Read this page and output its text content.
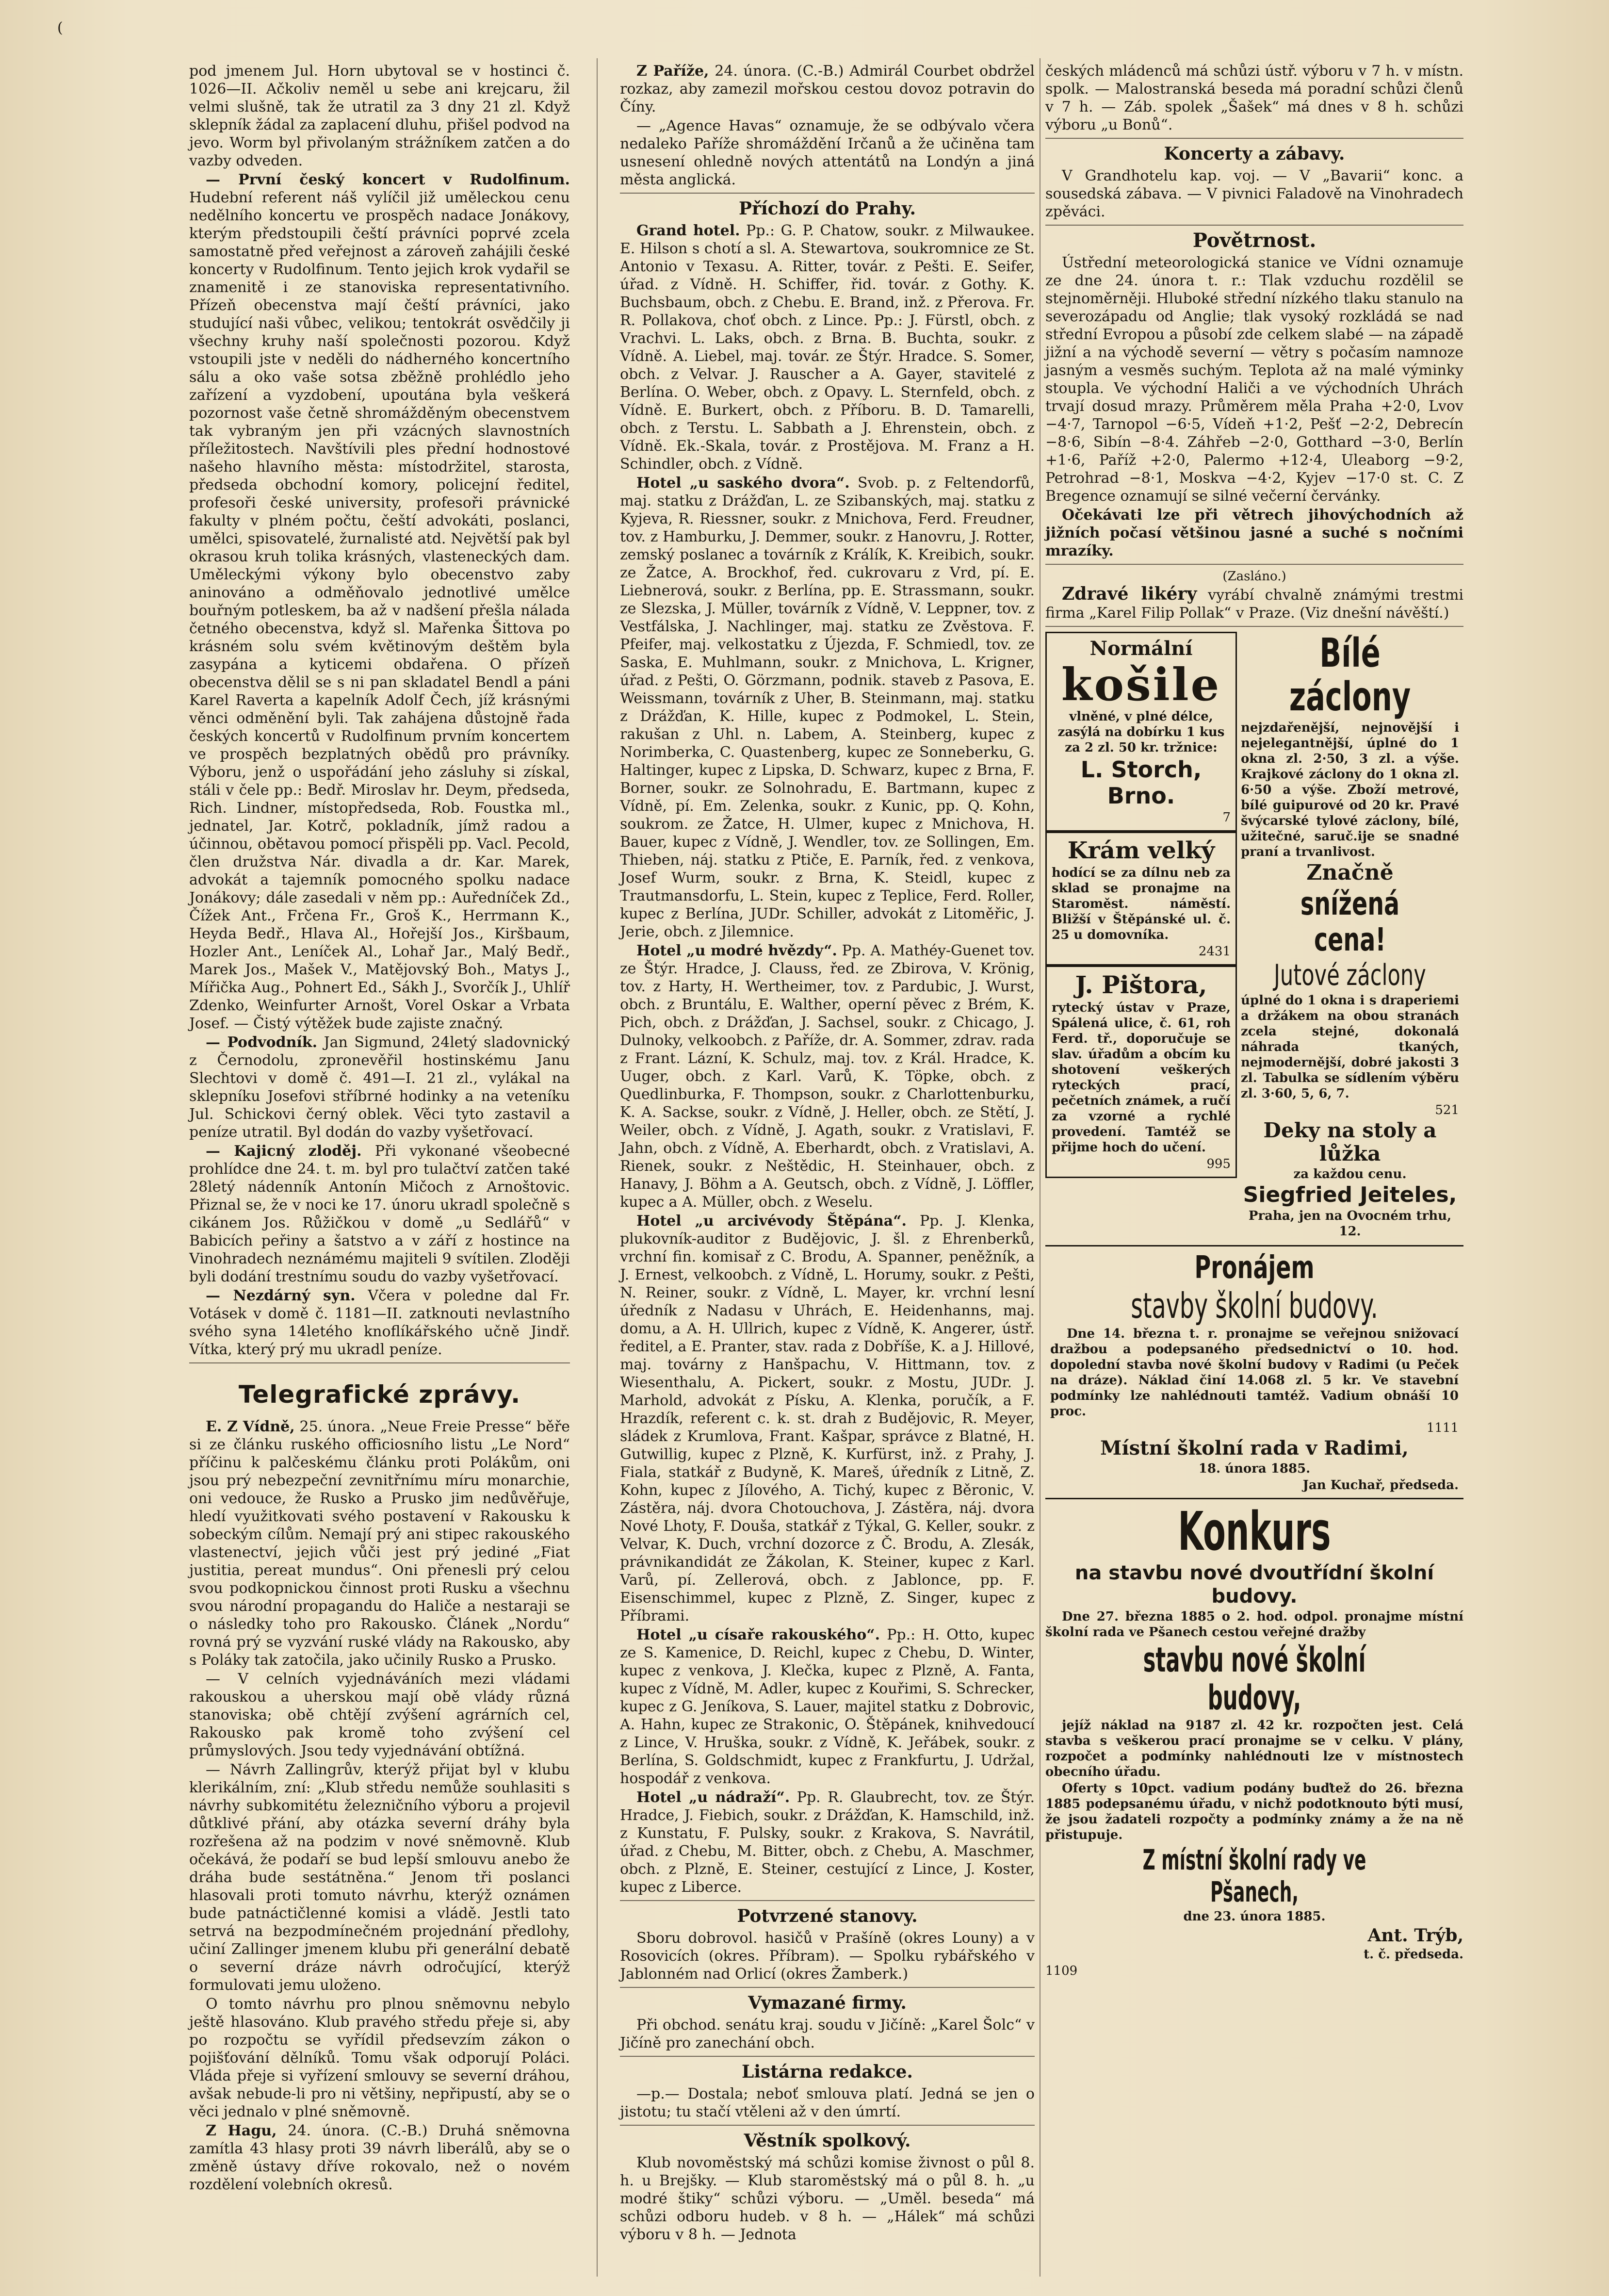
(

pod jmenem Jul. Horn ubytoval se v hostinci č. 1026—II. Ačkoliv neměl u sebe ani krejcaru, žil velmi slušně, tak že utratil za 3 dny 21 zl. Když sklepník žádal za zaplacení dluhu, přišel podvod na jevo. Worm byl přivolaným strážníkem zatčen a do vazby odveden.

— První český koncert v Rudolfinum. Hudební referent náš vylíčil již uměleckou cenu nedělního koncertu ve prospěch nadace Jonákovy, kterým předstoupili čeští právníci poprvé zcela samostatně před veřejnost a zároveň zahájili české koncerty v Rudolfinum. Tento jejich krok vydařil se znamenitě i ze stanoviska representativního. Přízeň obecenstva mají čeští právníci, jako studující naši vůbec, velikou; tentokrát osvědčily ji všechny kruhy naší společnosti pozorou. Když vstoupili jste v neděli do nádherného koncertního sálu a oko vaše sotsa zběžně prohlédlo jeho zařízení a vyzdobení, upoutána byla veškerá pozornost vaše četně shromážděným obecenstvem tak vybraným jen při vzácných slavnostních příležitostech. Navštívili ples přední hodnostové našeho hlavního města: místodržitel, starosta, předseda obchodní komory, policejní ředitel, profesoři české university, profesoři právnické fakulty v plném počtu, čeští advokáti, poslanci, umělci, spisovatelé, žurnalisté atd. Největší pak byl okrasou kruh tolika krásných, vlasteneckých dam. Uměleckými výkony bylo obecenstvo zaby aninováno a odměňovalo jednotlivé umělce bouřným potleskem, ba až v nadšení přešla nálada četného obecenstva, když sl. Mařenka Šittova po krásném solu svém květinovým deštěm byla zasypána a kyticemi obdařena. O přízeň obecenstva dělil se s ni pan skladatel Bendl a páni Karel Raverta a kapelník Adolf Čech, jíž krásnými věnci odměnění byli. Tak zahájena důstojně řada českých koncertů v Rudolfinum prvním koncertem ve prospěch bezplatných obědů pro právníky. Výboru, jenž o uspořádání jeho zásluhy si získal, stáli v čele pp.: Bedř. Miroslav hr. Deym, předseda, Rich. Lindner, místopředseda, Rob. Foustka ml., jednatel, Jar. Kotrč, pokladník, jímž radou a účinnou, obětavou pomocí přispěli pp. Vacl. Pecold, člen družstva Nár. divadla a dr. Kar. Marek, advokát a tajemník pomocného spolku nadace Jonákovy; dále zasedali v něm pp.: Auředníček Zd., Čížek Ant., Frčena Fr., Groš K., Herrmann K., Heyda Bedř., Hlava Al., Hořejší Jos., Kiršbaum, Hozler Ant., Leníček Al., Lohař Jar., Malý Bedř., Marek Jos., Mašek V., Matějovský Boh., Matys J., Mířička Aug., Pohnert Ed., Sákh J., Svorčík J., Uhlíř Zdenko, Weinfurter Arnošt, Vorel Oskar a Vrbata Josef. — Čistý výtěžek bude zajiste značný.

— Podvodník. Jan Sigmund, 24letý sladovnický z Černodolu, zpronevěřil hostinskému Janu Slechtovi v domě č. 491—I. 21 zl., vylákal na sklepníku Josefovi stříbrné hodinky a na veteníku Jul. Schickovi černý oblek. Věci tyto zastavil a peníze utratil. Byl dodán do vazby vyšetřovací.

— Kajicný zloděj. Při vykonané všeobecné prohlídce dne 24. t. m. byl pro tulačtví zatčen také 28letý nádenník Antonín Mičoch z Arnoštovic. Přiznal se, že v noci ke 17. únoru ukradl společně s cikánem Jos. Růžičkou v domě „u Sedlářů“ v Babicích peřiny a šatstvo a v září z hostince na Vinohradech neznámému majiteli 9 svítilen. Zloději byli dodání trestnímu soudu do vazby vyšetřovací.

— Nezdárný syn. Včera v poledne dal Fr. Votásek v domě č. 1181—II. zatknouti nevlastního svého syna 14letého knoflíkářského učně Jindř. Vítka, který prý mu ukradl peníze.

Telegrafické zprávy.

E. Z Vídně, 25. února. „Neue Freie Presse“ běře si ze článku ruského officiosního listu „Le Nord“ příčinu k palčeskému článku proti Polákům, oni jsou prý nebezpeční zevnitřnímu míru monarchie, oni vedouce, že Rusko a Prusko jim nedůvěřuje, hledí využitkovati svého postavení v Rakousku k sobeckým cílům. Nemají prý ani stipec rakouského vlastenectví, jejich vůči jest prý jediné „Fiat justitia, pereat mundus“. Oni přenesli prý celou svou podkopnickou činnost proti Rusku a všechnu svou národní propagandu do Haliče a nestaraji se o následky toho pro Rakousko. Článek „Nordu“ rovná prý se vyzvání ruské vlády na Rakousko, aby s Poláky tak zatočila, jako učinily Rusko a Prusko.

— V celních vyjednáváních mezi vládami rakouskou a uherskou mají obě vlády různá stanoviska; obě chtějí zvýšení agrárních cel, Rakousko pak kromě toho zvýšení cel průmyslových. Jsou tedy vyjednávání obtížná.

— Návrh Zallingrův, kterýž přijat byl v klubu klerikálním, zní: „Klub středu nemůže souhlasiti s návrhy subkomitétu železničního výboru a projevil důtklivé přání, aby otázka severní dráhy byla rozřešena až na podzim v nové sněmovně. Klub očekává, že podaří se bud lepší smlouvu anebo že dráha bude sestátněna.“ Jenom tři poslanci hlasovali proti tomuto návrhu, kterýž oznámen bude patnáctičlenné komisi a vládě. Jestli tato setrvá na bezpodmínečném projednání předlohy, učiní Zallinger jmenem klubu při generální debatě o severní dráze návrh odročující, kterýž formulovati jemu uloženo.

O tomto návrhu pro plnou sněmovnu nebylo ještě hlasováno. Klub pravého středu přeje si, aby po rozpočtu se vyřídil předsevzím zákon o pojišťování dělníků. Tomu však odporují Poláci. Vláda přeje si vyřízení smlouvy se severní dráhou, avšak nebude-li pro ni většiny, nepřipustí, aby se o věci jednalo v plné sněmovně.

Z Hagu, 24. února. (C.-B.) Druhá sněmovna zamítla 43 hlasy proti 39 návrh liberálů, aby se o změně ústavy dříve rokovalo, než o novém rozdělení volebních okresů.

Z Paříže, 24. února. (C.-B.) Admirál Courbet obdržel rozkaz, aby zamezil mořskou cestou dovoz potravin do Číny.

— „Agence Havas“ oznamuje, že se odbývalo včera nedaleko Paříže shromáždění Irčanů a že učiněna tam usnesení ohledně nových attentátů na Londýn a jiná města anglická.

Příchozí do Prahy.

Grand hotel. Pp.: G. P. Chatow, soukr. z Milwaukee. E. Hilson s chotí a sl. A. Stewartova, soukromnice ze St. Antonio v Texasu. A. Ritter, továr. z Pešti. E. Seifer, úřad. z Vídně. H. Schiffer, řid. továr. z Gothy. K. Buchsbaum, obch. z Chebu. E. Brand, inž. z Přerova. Fr. R. Pollakova, choť obch. z Lince. Pp.: J. Fürstl, obch. z Vrachvi. L. Laks, obch. z Brna. B. Buchta, soukr. z Vídně. A. Liebel, maj. továr. ze Štýr. Hradce. S. Somer, obch. z Velvar. J. Rauscher a A. Gayer, stavitelé z Berlína. O. Weber, obch. z Opavy. L. Sternfeld, obch. z Vídně. E. Burkert, obch. z Příboru. B. D. Tamarelli, obch. z Terstu. L. Sabbath a J. Ehrenstein, obch. z Vídně. Ek.-Skala, továr. z Prostějova. M. Franz a H. Schindler, obch. z Vídně.

Hotel „u saského dvora“. Svob. p. z Feltendorfů, maj. statku z Drážďan, L. ze Szibanských, maj. statku z Kyjeva, R. Riessner, soukr. z Mnichova, Ferd. Freudner, tov. z Hamburku, J. Demmer, soukr. z Hanovru, J. Rotter, zemský poslanec a továrník z Králík, K. Kreibich, soukr. ze Žatce, A. Brockhof, řed. cukrovaru z Vrd, pí. E. Liebnerová, soukr. z Berlína, pp. E. Strassmann, soukr. ze Slezska, J. Müller, továrník z Vídně, V. Leppner, tov. z Vestfálska, J. Nachlinger, maj. statku ze Zvěstova. F. Pfeifer, maj. velkostatku z Újezda, F. Schmiedl, tov. ze Saska, E. Muhlmann, soukr. z Mnichova, L. Krigner, úřad. z Pešti, O. Görzmann, podnik. staveb z Pasova, E. Weissmann, továrník z Uher, B. Steinmann, maj. statku z Drážďan, K. Hille, kupec z Podmokel, L. Stein, rakušan z Uhl. n. Labem, A. Steinberg, kupec z Norimberka, C. Quastenberg, kupec ze Sonneberku, G. Haltinger, kupec z Lipska, D. Schwarz, kupec z Brna, F. Borner, soukr. ze Solnohradu, E. Bartmann, kupec z Vídně, pí. Em. Zelenka, soukr. z Kunic, pp. Q. Kohn, soukrom. ze Žatce, H. Ulmer, kupec z Mnichova, H. Bauer, kupec z Vídně, J. Wendler, tov. ze Sollingen, Em. Thieben, náj. statku z Ptiče, E. Parník, řed. z venkova, Josef Wurm, soukr. z Brna, K. Steidl, kupec z Trautmansdorfu, L. Stein, kupec z Teplice, Ferd. Roller, kupec z Berlína, JUDr. Schiller, advokát z Litoměřic, J. Jerie, obch. z Jilemnice.

Hotel „u modré hvězdy“. Pp. A. Mathéy-Guenet tov. ze Štýr. Hradce, J. Clauss, řed. ze Zbirova, V. Krönig, tov. z Harty, H. Wertheimer, tov. z Pardubic, J. Wurst, obch. z Bruntálu, E. Walther, operní pěvec z Brém, K. Pich, obch. z Drážďan, J. Sachsel, soukr. z Chicago, J. Dulnoky, velkoobch. z Paříže, dr. A. Sommer, zdrav. rada z Frant. Lázní, K. Schulz, maj. tov. z Král. Hradce, K. Uuger, obch. z Karl. Varů, K. Töpke, obch. z Quedlinburka, F. Thompson, soukr. z Charlottenburku, K. A. Sackse, soukr. z Vídně, J. Heller, obch. ze Stětí, J. Weiler, obch. z Vídně, J. Agath, soukr. z Vratislavi, F. Jahn, obch. z Vídně, A. Eberhardt, obch. z Vratislavi, A. Rienek, soukr. z Neštědic, H. Steinhauer, obch. z Hanavy, J. Böhm a A. Geutsch, obch. z Vídně, J. Löffler, kupec a A. Müller, obch. z Weselu.

Hotel „u arcivévody Štěpána“. Pp. J. Klenka, plukovník-auditor z Budějovic, J. šl. z Ehrenberků, vrchní fin. komisař z C. Brodu, A. Spanner, peněžník, a J. Ernest, velkoobch. z Vídně, L. Horumy, soukr. z Pešti, N. Reiner, soukr. z Vídně, L. Mayer, kr. vrchní lesní úředník z Nadasu v Uhrách, E. Heidenhanns, maj. domu, a A. H. Ullrich, kupec z Vídně, K. Angerer, ústř. ředitel, a E. Pranter, stav. rada z Dobříše, K. a J. Hillové, maj. továrny z Hanšpachu, V. Hittmann, tov. z Wiesenthalu, A. Pickert, soukr. z Mostu, JUDr. J. Marhold, advokát z Písku, A. Klenka, poručík, a F. Hrazdík, referent c. k. st. drah z Budějovic, R. Meyer, sládek z Krumlova, Frant. Kašpar, správce z Blatné, H. Gutwillig, kupec z Plzně, K. Kurfürst, inž. z Prahy, J. Fiala, statkář z Budyně, K. Mareš, úředník z Litně, Z. Kohn, kupec z Jílového, A. Tichý, kupec z Běronic, V. Zástěra, náj. dvora Chotouchova, J. Zástěra, náj. dvora Nové Lhoty, F. Douša, statkář z Týkal, G. Keller, soukr. z Velvar, K. Duch, vrchní dozorce z Č. Brodu, A. Zlesák, právnikandidát ze Žákolan, K. Steiner, kupec z Karl. Varů, pí. Zellerová, obch. z Jablonce, pp. F. Eisenschimmel, kupec z Plzně, Z. Singer, kupec z Příbrami.

Hotel „u císaře rakouského“. Pp.: H. Otto, kupec ze S. Kamenice, D. Reichl, kupec z Chebu, D. Winter, kupec z venkova, J. Klečka, kupec z Plzně, A. Fanta, kupec z Vídně, M. Adler, kupec z Kouřimi, S. Schrecker, kupec z G. Jeníkova, S. Lauer, majitel statku z Dobrovic, A. Hahn, kupec ze Strakonic, O. Štěpánek, knihvedoucí z Lince, V. Hruška, soukr. z Vídně, K. Jeřábek, soukr. z Berlína, S. Goldschmidt, kupec z Frankfurtu, J. Udržal, hospodář z venkova.

Hotel „u nádraží“. Pp. R. Glaubrecht, tov. ze Štýr. Hradce, J. Fiebich, soukr. z Drážďan, K. Hamschild, inž. z Kunstatu, F. Pulsky, soukr. z Krakova, S. Navrátil, úřad. z Chebu, M. Bitter, obch. z Chebu, A. Maschmer, obch. z Plzně, E. Steiner, cestující z Lince, J. Koster, kupec z Liberce.

Potvrzené stanovy.

Sboru dobrovol. hasičů v Prašíně (okres Louny) a v Rosovicích (okres. Příbram). — Spolku rybářského v Jablonném nad Orlicí (okres Žamberk.)

Vymazané firmy.

Při obchod. senátu kraj. soudu v Jičíně: „Karel Šolc“ v Jičíně pro zanechání obch.

Listárna redakce.

—p.— Dostala; neboť smlouva platí. Jedná se jen o jistotu; tu stačí vtěleni až v den úmrtí.

Věstník spolkový.

Klub novoměstský má schůzi komise živnost o půl 8. h. u Brejšky. — Klub staroměstský má o půl 8. h. „u modré štiky“ schůzi výboru. — „Uměl. beseda“ má schůzi odboru hudeb. v 8 h. — „Hálek“ má schůzi výboru v 8 h. — Jednota

českých mládenců má schůzi ústř. výboru v 7 h. v místn. spolk. — Malostranská beseda má poradní schůzi členů v 7 h. — Záb. spolek „Šašek“ má dnes v 8 h. schůzi výboru „u Bonů“.

Koncerty a zábavy.

V Grandhotelu kap. voj. — V „Bavarii“ konc. a sousedská zábava. — V pivnici Faladově na Vinohradech zpěváci.

Povětrnost.

Ústřední meteorologická stanice ve Vídni oznamuje ze dne 24. února t. r.: Tlak vzduchu rozdělil se stejnoměrněji. Hluboké střední nízkého tlaku stanulo na severozápadu od Anglie; tlak vysoký rozkládá se nad střední Evropou a působí zde celkem slabé — na západě jižní a na východě severní — větry s počasím namnoze jasným a vesměs suchým. Teplota až na malé výminky stoupla. Ve východní Haliči a ve východních Uhrách trvají dosud mrazy. Průměrem měla Praha +2·0, Lvov −4·7, Tarnopol −6·5, Vídeň +1·2, Pešť −2·2, Debrecín −8·6, Sibín −8·4. Záhřeb −2·0, Gotthard −3·0, Berlín +1·6, Paříž +2·0, Palermo +12·4, Uleaborg −9·2, Petrohrad −8·1, Moskva −4·2, Kyjev −17·0 st. C. Z Bregence oznamují se silné večerní červánky.

Očekávati lze při větrech jihovýchodních až jižních počasí většinou jasné a suché s nočními mrazíky.

(Zasláno.)

Zdravé likéry vyrábí chvalně známými trestmi firma „Karel Filip Pollak“ v Praze. (Viz dnešní návěští.)

Normální

košile

vlněné, v plné délce, zasýlá na dobírku 1 kus za 2 zl. 50 kr. tržnice:

L. Storch, Brno.

7

Krám velký

hodící se za dílnu neb za sklad se pronajme na Staroměst. náměstí. Bližší v Štěpánské ul. č. 25 u domovníka.

2431

J. Pištora,

rytecký ústav v Praze, Spálená ulice, č. 61, roh Ferd. tř., doporučuje se slav. úřadům a obcím ku shotovení veškerých ryteckých prací, pečetních známek, a ručí za vzorné a rychlé provedení. Tamtéž se přijme hoch do učení.

995

Bílé záclony

nejzdařenější, nejnovější i nejelegantnější, úplné do 1 okna zl. 2·50, 3 zl. a výše. Krajkové záclony do 1 okna zl. 6·50 a výše. Zboží metrové, bílé guipurové od 20 kr. Pravé švýcarské tylové záclony, bílé, užitečné, saruč.ije se snadné praní a trvanlivost.

Značně

snížená cena!

Jutové záclony

úplné do 1 okna i s draperiemi a držákem na obou stranách zcela stejné, dokonalá náhrada tkaných, nejmodernější, dobré jakosti 3 zl. Tabulka se sídlením výběru zl. 3·60, 5, 6, 7.

521

Deky na stoly a lůžka

za každou cenu.

Siegfried Jeiteles,

Praha, jen na Ovocném trhu, 12.

Pronájem

stavby školní budovy.

Dne 14. března t. r. pronajme se veřejnou snižovací dražbou a podepsaného předsednictví o 10. hod. dopolední stavba nové školní budovy v Radimi (u Peček na dráze). Náklad činí 14.068 zl. 5 kr. Ve stavební podmínky lze nahlédnouti tamtéž. Vadium obnáší 10 proc.

1111

Místní školní rada v Radimi,

18. února 1885.

Jan Kuchař, předseda.

Konkurs

na stavbu nové dvoutřídní školní budovy.

Dne 27. března 1885 o 2. hod. odpol. pronajme místní školní rada ve Pšanech cestou veřejné dražby

stavbu nové školní budovy,

jejíž náklad na 9187 zl. 42 kr. rozpočten jest. Celá stavba s veškerou prací pronajme se v celku. V plány, rozpočet a podmínky nahlédnouti lze v místnostech obecního úřadu.

Oferty s 10pct. vadium podány buďtež do 26. března 1885 podepsanému úřadu, v nichž podotknouto býti musí, že jsou žadateli rozpočty a podmínky známy a že na ně přistupuje.

Z místní školní rady ve Pšanech,

dne 23. února 1885.

Ant. Trýb,

t. č. předseda.

1109
